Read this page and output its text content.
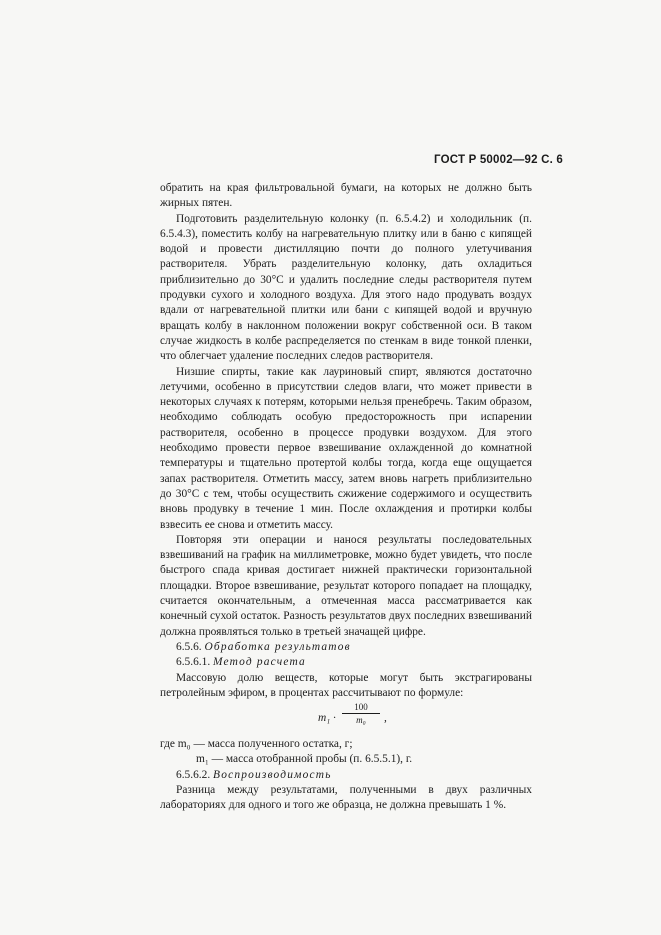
ГОСТ Р 50002—92 С. 6

обратить на края фильтровальной бумаги, на которых не должно быть жирных пятен.

Подготовить разделительную колонку (п. 6.5.4.2) и холодильник (п. 6.5.4.3), поместить колбу на нагревательную плитку или в баню с кипящей водой и провести дистилляцию почти до полного улетучивания растворителя. Убрать разделительную колонку, дать охладиться приблизительно до 30°С и удалить последние следы растворителя путем продувки сухого и холодного воздуха. Для этого надо продувать воздух вдали от нагревательной плитки или бани с кипящей водой и вручную вращать колбу в наклонном положении вокруг собственной оси. В таком случае жидкость в колбе распределяется по стенкам в виде тонкой пленки, что облегчает удаление последних следов растворителя.

Низшие спирты, такие как лауриновый спирт, являются достаточно летучими, особенно в присутствии следов влаги, что может привести в некоторых случаях к потерям, которыми нельзя пренебречь. Таким образом, необходимо соблюдать особую предосторожность при испарении растворителя, особенно в процессе продувки воздухом. Для этого необходимо провести первое взвешивание охлажденной до комнатной температуры и тщательно протертой колбы тогда, когда еще ощущается запах растворителя. Отметить массу, затем вновь нагреть приблизительно до 30°С с тем, чтобы осуществить сжижение содержимого и осуществить вновь продувку в течение 1 мин. После охлаждения и протирки колбы взвесить ее снова и отметить массу.

Повторяя эти операции и нанося результаты последовательных взвешиваний на график на миллиметровке, можно будет увидеть, что после быстрого спада кривая достигает нижней практически горизонтальной площадки. Второе взвешивание, результат которого попадает на площадку, считается окончательным, а отмеченная масса рассматривается как конечный сухой остаток. Разность результатов двух последних взвешиваний должна проявляться только в третьей значащей цифре.

6.5.6. Обработка результатов

6.5.6.1. Метод расчета

Массовую долю веществ, которые могут быть экстрагированы петролейным эфиром, в процентах рассчитывают по формуле:

$m_1 \cdot \frac{100}{\text{m₀}}$ ,

где m₀ — масса полученного остатка, г;

m₁ — масса отобранной пробы (п. 6.5.5.1), г.

6.5.6.2. Воспроизводимость

Разница между результатами, полученными в двух различных лабораториях для одного и того же образца, не должна превышать 1 %.
